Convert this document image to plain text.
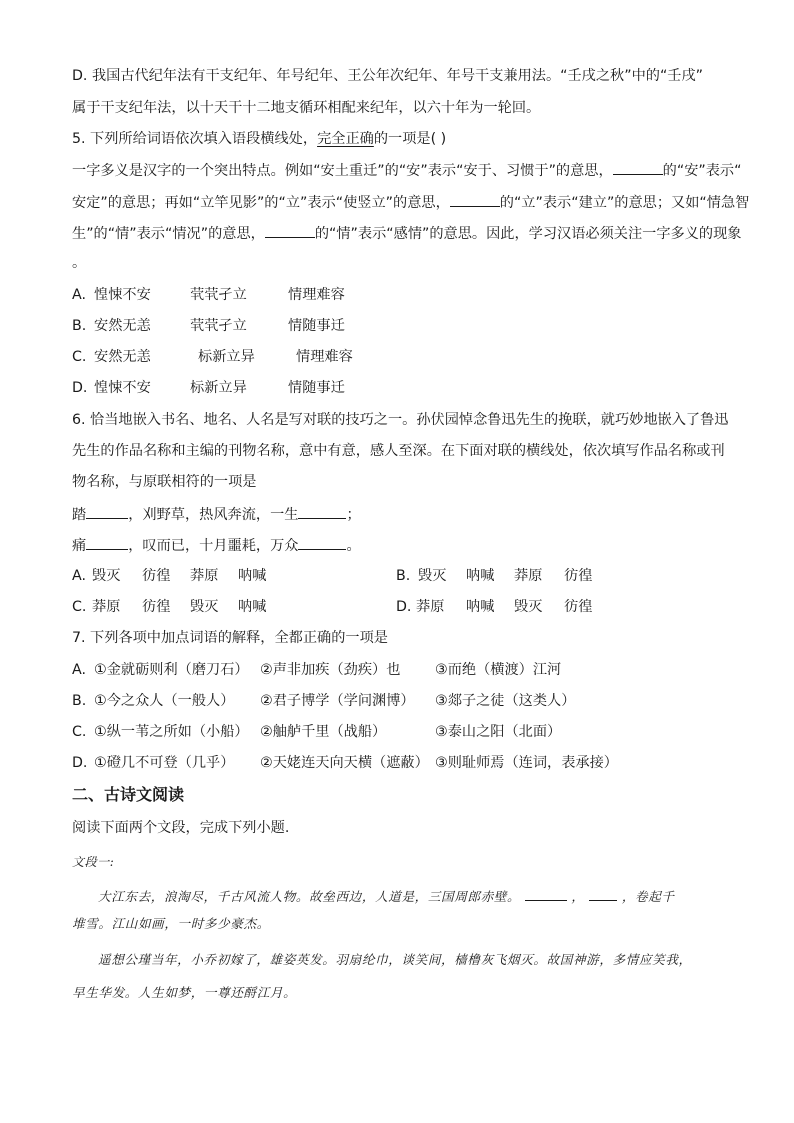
D. 我国古代纪年法有干支纪年、年号纪年、王公年次纪年、年号干支兼用法。“壬戌之秋”中的“壬戌”
属于干支纪年法，以十天干十二地支循环相配来纪年，以六十年为一轮回。
5. 下列所给词语依次填入语段横线处，完全正确的一项是( )
一字多义是汉字的一个突出特点。例如“安土重迁”的“安”表示“安于、习惯于”的意思，	的“安”表示“
安定”的意思；再如“立竿见影”的“立”表示“使竖立”的意思，	的“立”表示“建立”的意思；又如“情急智
生”的“情”表示“情况”的意思，	的“情”表示“感情”的意思。因此，学习汉语必须关注一字多义的现象
。
A. 惶悚不安	茕茕孑立	情理难容
B. 安然无恙	茕茕孑立	情随事迁
C. 安然无恙	标新立异	情理难容
D. 惶悚不安	标新立异	情随事迁
6. 恰当地嵌入书名、地名、人名是写对联的技巧之一。孙伏园悼念鲁迅先生的挽联，就巧妙地嵌入了鲁迅
先生的作品名称和主编的刊物名称，意中有意，感人至深。在下面对联的横线处，依次填写作品名称或刊
物名称，与原联相符的一项是
踏	，刈野草，热风奔流，一生	；
痛	，叹而已，十月噩耗，万众	。
A. 毁灭 彷徨 莽原 呐喊	B. 毁灭 呐喊 莽原 彷徨
C. 莽原 彷徨 毁灭 呐喊	D. 莽原 呐喊 毁灭 彷徨
7. 下列各项中加点词语的解释，全都正确的一项是
A. ①金就砺则利（磨刀石） ②声非加疾（劲疾）也 ③而绝（横渡）江河
B. ①今之众人（一般人） ②君子博学（学问渊博） ③郯子之徒（这类人）
C. ①纵一苇之所如（小船） ②舳舻千里（战船）	③泰山之阳（北面）
D. ①磴几不可登（几乎） ②天姥连天向天横（遮蔽） ③则耻师焉（连词，表承接）
二、古诗文阅读
阅读下面两个文段，完成下列小题.
文段一:
大江东去，浪淘尽，千古风流人物。故垒西边，人道是，三国周郎赤壁。	，	，卷起千
堆雪。江山如画，一时多少豪杰。
遥想公瑾当年，小乔初嫁了，雄姿英发。羽扇纶巾，谈笑间，樯橹灰飞烟灭。故国神游，多情应笑我，
早生华发。人生如梦，一尊还酹江月。
